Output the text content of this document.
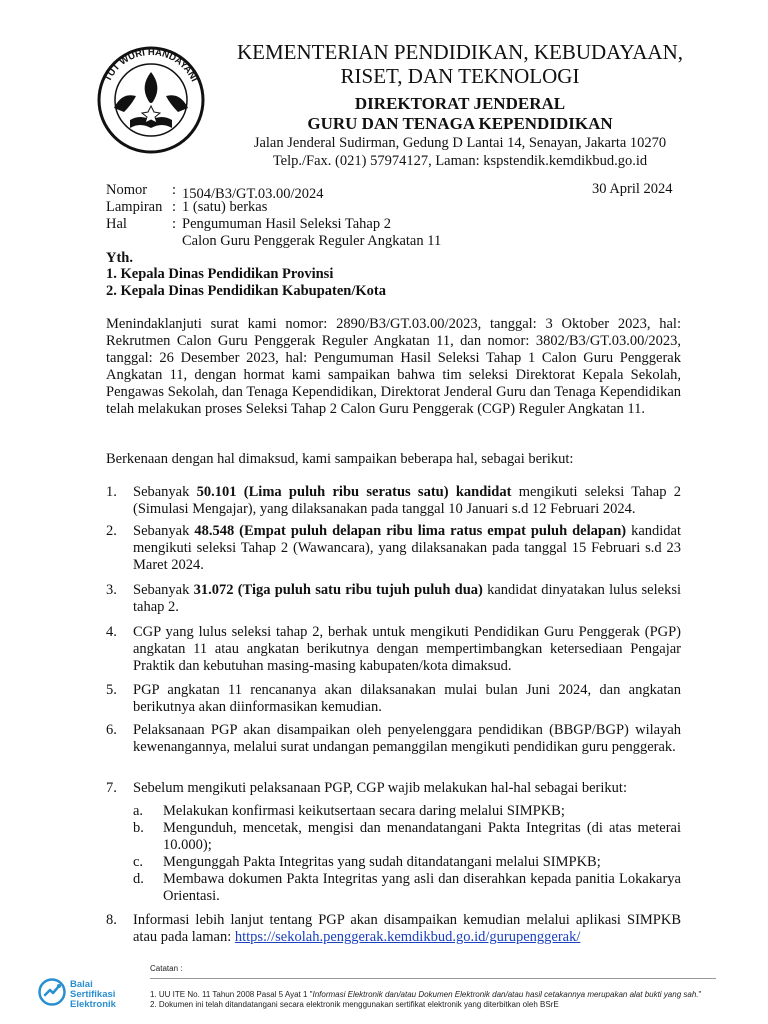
TUT WURI HANDAYANI
KEMENTERIAN PENDIDIKAN, KEBUDAYAAN,
RISET, DAN TEKNOLOGI
DIREKTORAT JENDERAL
GURU DAN TENAGA KEPENDIDIKAN
Jalan Jenderal Sudirman, Gedung D Lantai 14, Senayan, Jakarta 10270
Telp./Fax. (021) 57974127, Laman: kspstendik.kemdikbud.go.id
Nomor : 1504/B3/GT.03.00/2024	30 April 2024
Lampiran : 1 (satu) berkas
Hal	: Pengumuman Hasil Seleksi Tahap 2
Calon Guru Penggerak Reguler Angkatan 11
Yth.
1. Kepala Dinas Pendidikan Provinsi
2. Kepala Dinas Pendidikan Kabupaten/Kota
Menindaklanjuti surat kami nomor: 2890/B3/GT.03.00/2023, tanggal: 3 Oktober 2023, hal: Rekrutmen Calon Guru Penggerak Reguler Angkatan 11, dan nomor: 3802/B3/GT.03.00/2023, tanggal: 26 Desember 2023, hal: Pengumuman Hasil Seleksi Tahap 1 Calon Guru Penggerak Angkatan 11, dengan hormat kami sampaikan bahwa tim seleksi Direktorat Kepala Sekolah, Pengawas Sekolah, dan Tenaga Kependidikan, Direktorat Jenderal Guru dan Tenaga Kependidikan telah melakukan proses Seleksi Tahap 2 Calon Guru Penggerak (CGP) Reguler Angkatan 11.
Berkenaan dengan hal dimaksud, kami sampaikan beberapa hal, sebagai berikut:
1. Sebanyak 50.101 (Lima puluh ribu seratus satu) kandidat mengikuti seleksi Tahap 2 (Simulasi Mengajar), yang dilaksanakan pada tanggal 10 Januari s.d 12 Februari 2024.
2. Sebanyak 48.548 (Empat puluh delapan ribu lima ratus empat puluh delapan) kandidat mengikuti seleksi Tahap 2 (Wawancara), yang dilaksanakan pada tanggal 15 Februari s.d 23 Maret 2024.
3. Sebanyak 31.072 (Tiga puluh satu ribu tujuh puluh dua) kandidat dinyatakan lulus seleksi tahap 2.
4. CGP yang lulus seleksi tahap 2, berhak untuk mengikuti Pendidikan Guru Penggerak (PGP) angkatan 11 atau angkatan berikutnya dengan mempertimbangkan ketersediaan Pengajar Praktik dan kebutuhan masing-masing kabupaten/kota dimaksud.
5. PGP angkatan 11 rencananya akan dilaksanakan mulai bulan Juni 2024, dan angkatan berikutnya akan diinformasikan kemudian.
6. Pelaksanaan PGP akan disampaikan oleh penyelenggara pendidikan (BBGP/BGP) wilayah kewenangannya, melalui surat undangan pemanggilan mengikuti pendidikan guru penggerak.
7. Sebelum mengikuti pelaksanaan PGP, CGP wajib melakukan hal-hal sebagai berikut:
a. Melakukan konfirmasi keikutsertaan secara daring melalui SIMPKB;
b. Mengunduh, mencetak, mengisi dan menandatangani Pakta Integritas (di atas meterai 10.000);
c. Mengunggah Pakta Integritas yang sudah ditandatangani melalui SIMPKB;
d. Membawa dokumen Pakta Integritas yang asli dan diserahkan kepada panitia Lokakarya Orientasi.
8. Informasi lebih lanjut tentang PGP akan disampaikan kemudian melalui aplikasi SIMPKB atau pada laman: https://sekolah.penggerak.kemdikbud.go.id/gurupenggerak/
Balai
Sertifikasi
Elektronik
Catatan :
1. UU ITE No. 11 Tahun 2008 Pasal 5 Ayat 1 "Informasi Elektronik dan/atau Dokumen Elektronik dan/atau hasil cetakannya merupakan alat bukti yang sah."
2. Dokumen ini telah ditandatangani secara elektronik menggunakan sertifikat elektronik yang diterbitkan oleh BSrE
